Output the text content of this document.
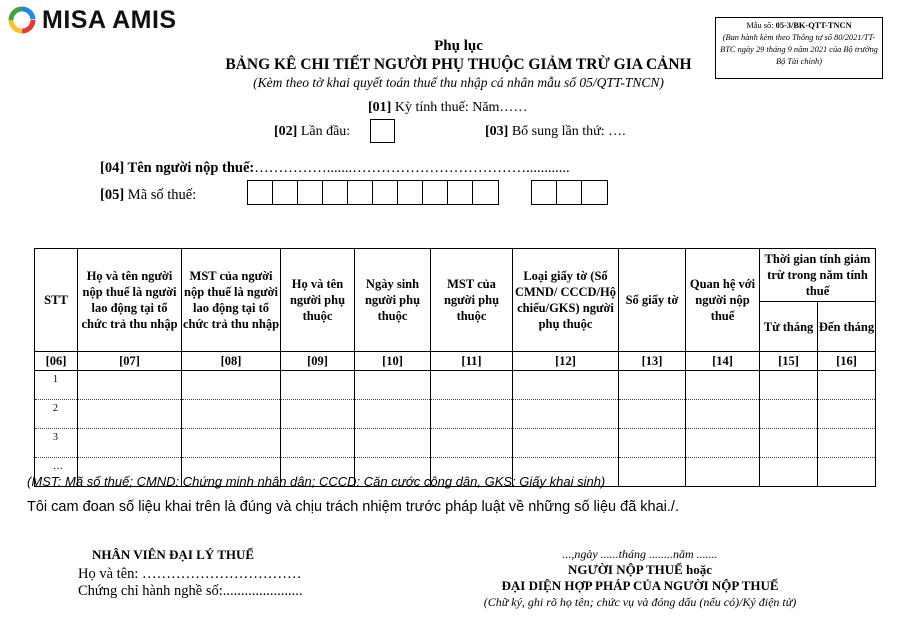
MISA AMIS	Mẫu số: 05-3/BK-QTT-TNCN
(Ban hành kèm theo Thông tư số 80/2021/TT-BTC ngày 29 tháng 9 năm 2021 của Bộ trưởng Bộ Tài chính)
Phụ lục
BẢNG KÊ CHI TIẾT NGƯỜI PHỤ THUỘC GIẢM TRỪ GIA CẢNH
(Kèm theo tờ khai quyết toán thuế thu nhập cá nhân mẫu số 05/QTT-TNCN)
[01] Kỳ tính thuế: Năm……
[02] Lần đầu:	[03] Bổ sung lần thứ: ….
[04] Tên người nộp thuế:…………….......………………………………............
[05] Mã số thuế:
STT	Họ và tên người nộp thuế là người lao động tại tổ chức trả thu nhập	MST của người nộp thuế là người lao động tại tổ chức trả thu nhập	Họ và tên người phụ thuộc	Ngày sinh người phụ thuộc	MST của người phụ thuộc	Loại giấy tờ (Số CMND/ CCCD/Hộ chiếu/GKS) người phụ thuộc	Số giấy tờ	Quan hệ với người nộp thuế	Thời gian tính giảm trừ trong năm tính thuế	
									Từ tháng	Đến tháng
[06]	[07]	[08]	[09]	[10]	[11]	[12]	[13]	[14]	[15]	[16]
1										
2										
3										
…										
(MST: Mã số thuế; CMND: Chứng minh nhân dân; CCCD: Căn cước công dân, GKS: Giấy khai sinh)
Tôi cam đoan số liệu khai trên là đúng và chịu trách nhiệm trước pháp luật về những số liệu đã khai./.
NHÂN VIÊN ĐẠI LÝ THUẾ
Họ và tên: ……………………………
Chứng chỉ hành nghề số:......................
...,ngày ......tháng ........năm .......
NGƯỜI NỘP THUẾ hoặc
ĐẠI DIỆN HỢP PHÁP CỦA NGƯỜI NỘP THUẾ
(Chữ ký, ghi rõ họ tên; chức vụ và đóng dấu (nếu có)/Ký điện tử)
